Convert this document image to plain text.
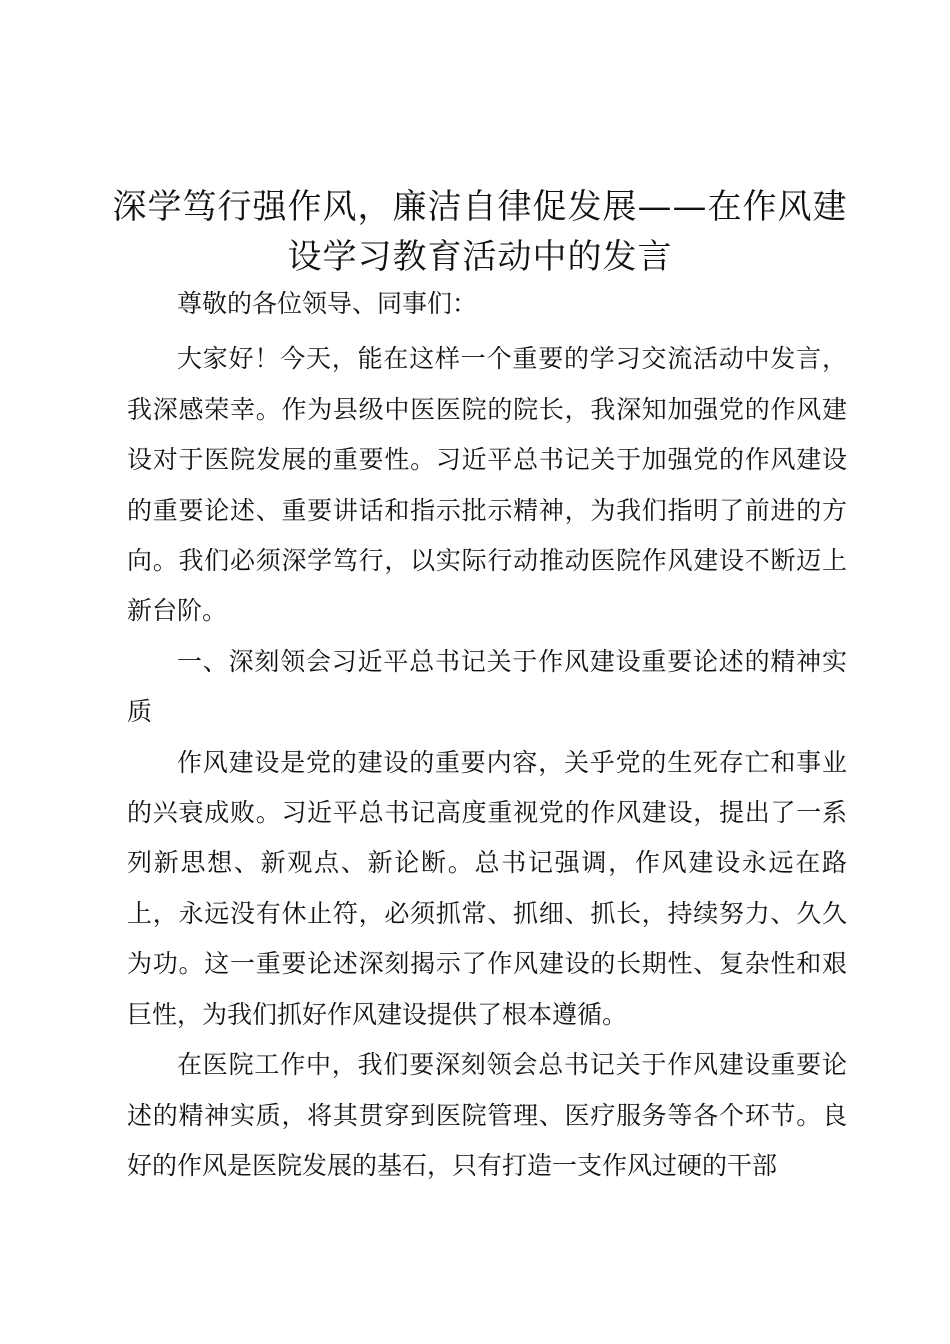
深学笃行强作风，廉洁自律促发展——在作风建设学习教育活动中的发言

尊敬的各位领导、同事们：

大家好！今天，能在这样一个重要的学习交流活动中发言，我深感荣幸。作为县级中医医院的院长，我深知加强党的作风建设对于医院发展的重要性。习近平总书记关于加强党的作风建设的重要论述、重要讲话和指示批示精神，为我们指明了前进的方向。我们必须深学笃行，以实际行动推动医院作风建设不断迈上新台阶。

一、深刻领会习近平总书记关于作风建设重要论述的精神实质

作风建设是党的建设的重要内容，关乎党的生死存亡和事业的兴衰成败。习近平总书记高度重视党的作风建设，提出了一系列新思想、新观点、新论断。总书记强调，作风建设永远在路上，永远没有休止符，必须抓常、抓细、抓长，持续努力、久久为功。这一重要论述深刻揭示了作风建设的长期性、复杂性和艰巨性，为我们抓好作风建设提供了根本遵循。

在医院工作中，我们要深刻领会总书记关于作风建设重要论述的精神实质，将其贯穿到医院管理、医疗服务等各个环节。良好的作风是医院发展的基石，只有打造一支作风过硬的干部
